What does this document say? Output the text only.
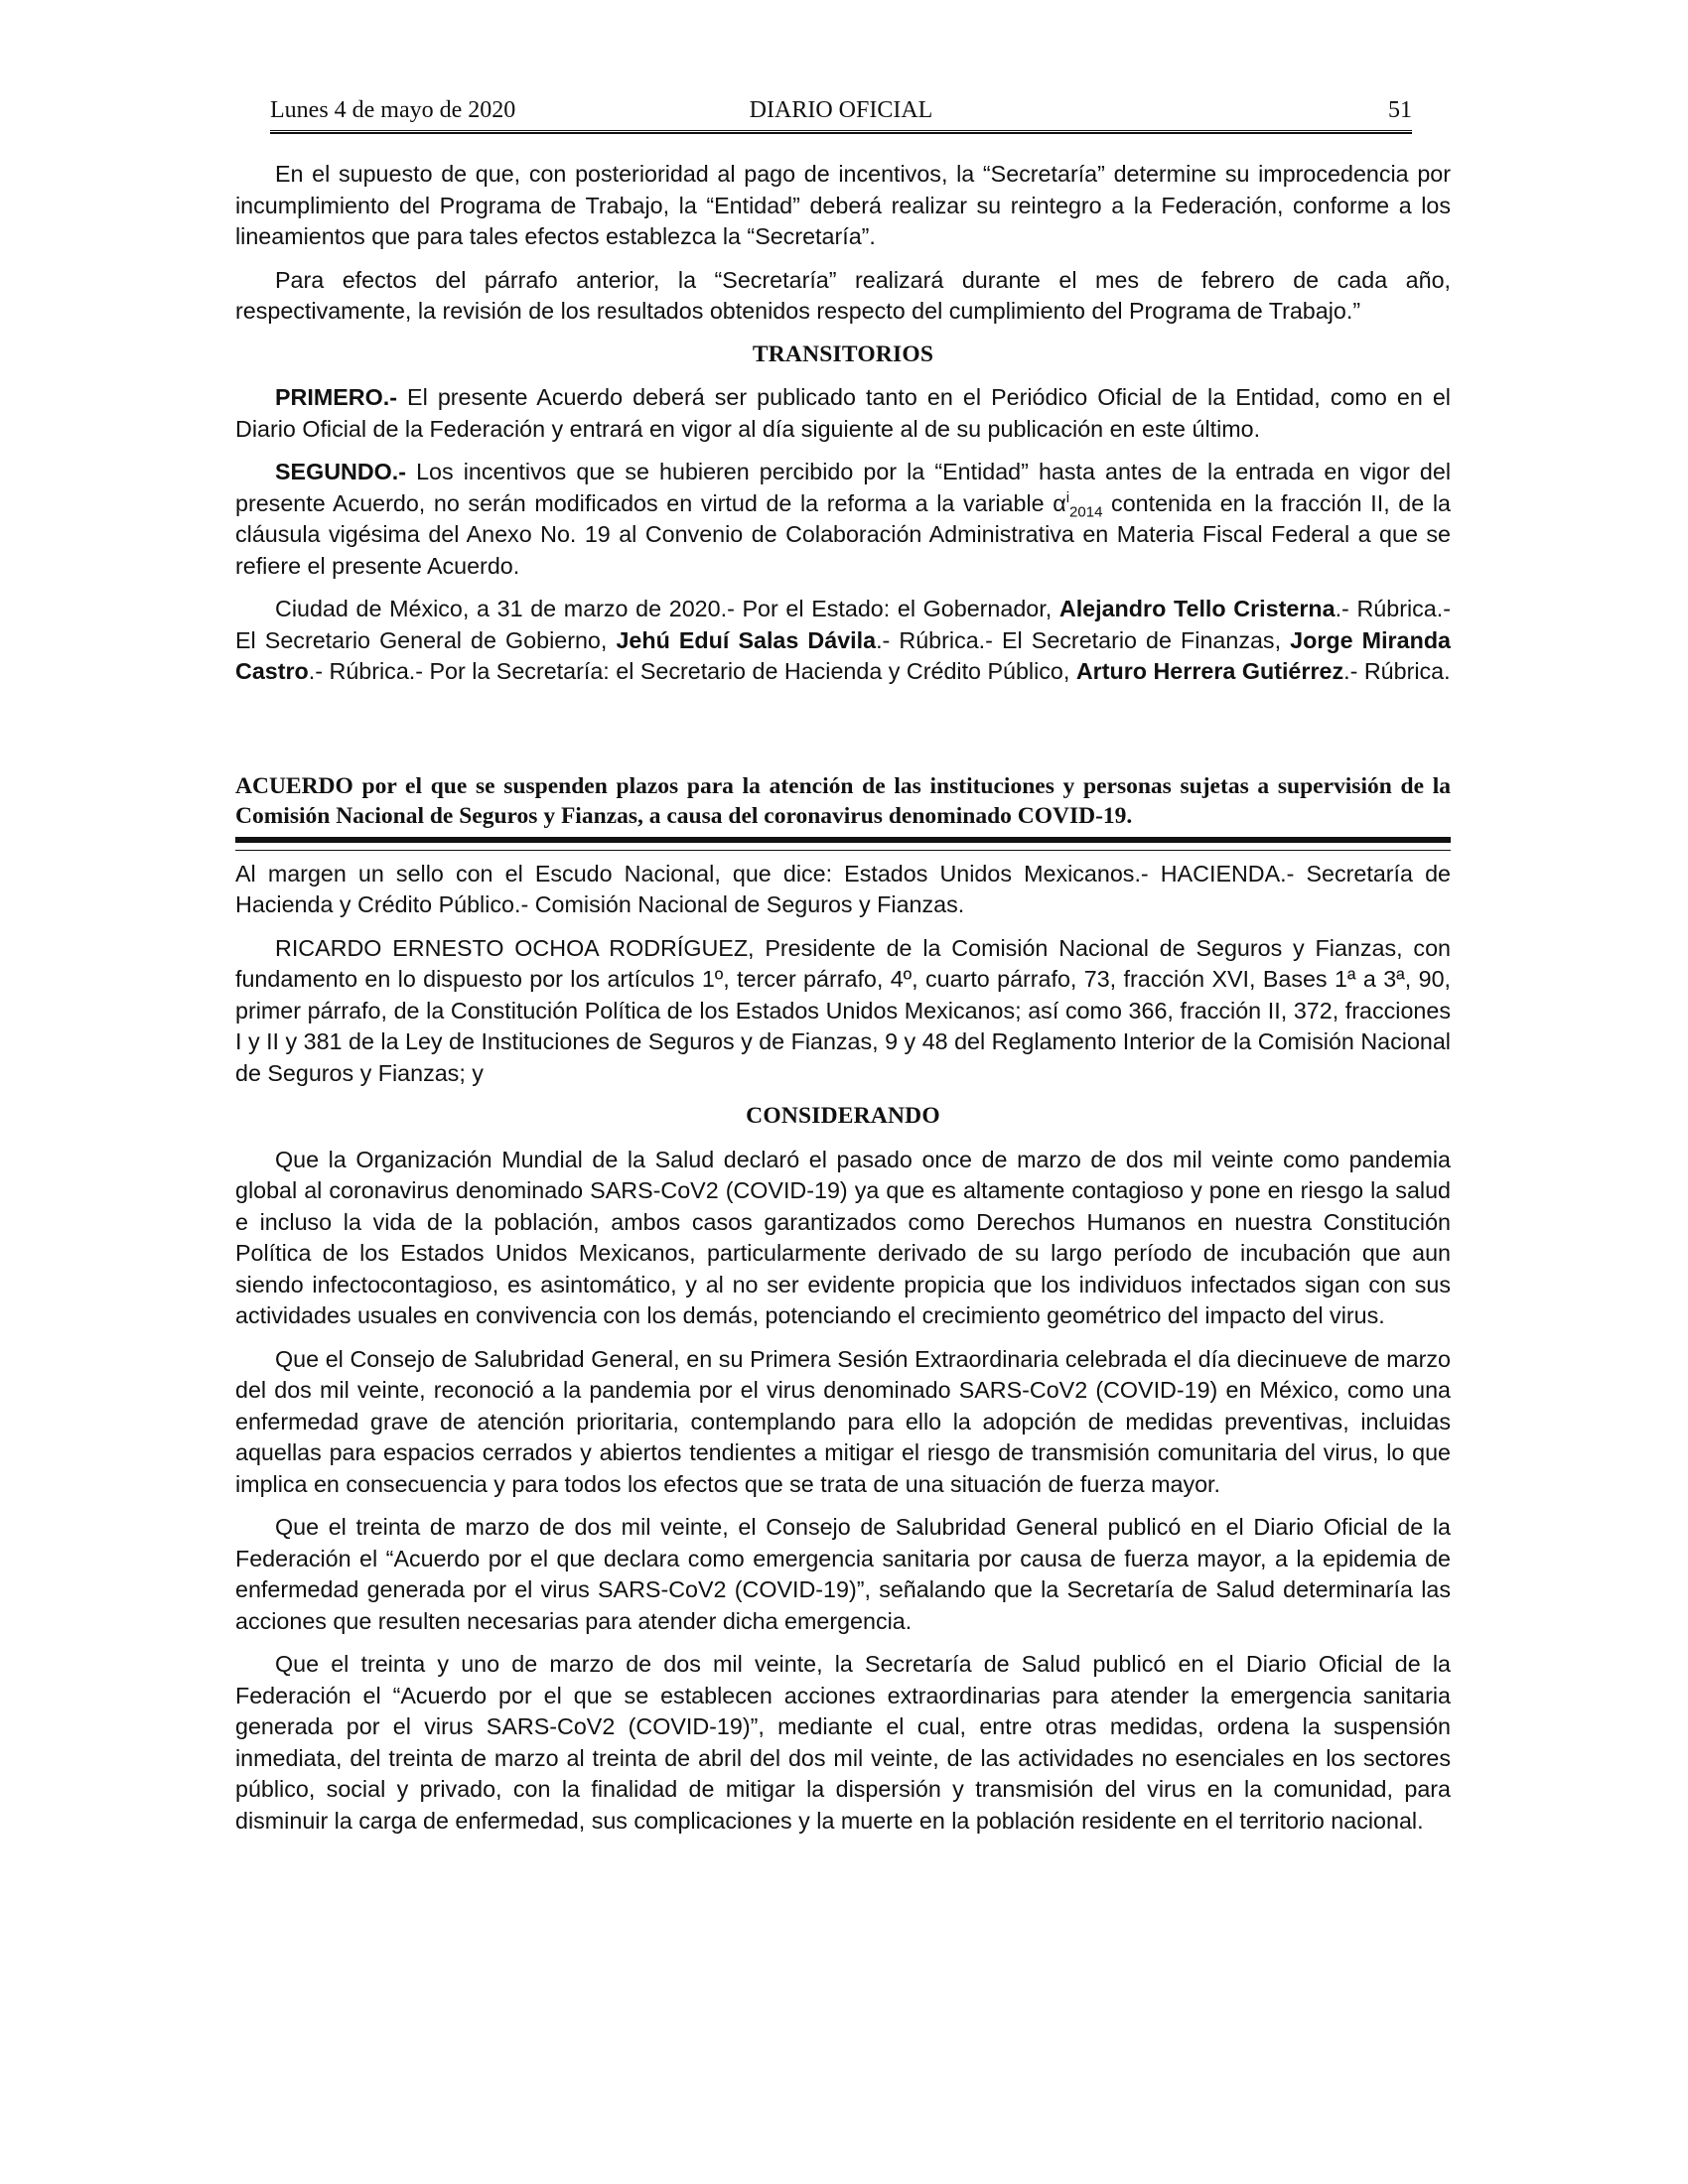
Lunes 4 de mayo de 2020	DIARIO OFICIAL	51

En el supuesto de que, con posterioridad al pago de incentivos, la “Secretaría” determine su improcedencia por incumplimiento del Programa de Trabajo, la “Entidad” deberá realizar su reintegro a la Federación, conforme a los lineamientos que para tales efectos establezca la “Secretaría”.

Para efectos del párrafo anterior, la “Secretaría” realizará durante el mes de febrero de cada año, respectivamente, la revisión de los resultados obtenidos respecto del cumplimiento del Programa de Trabajo.”

TRANSITORIOS

PRIMERO.- El presente Acuerdo deberá ser publicado tanto en el Periódico Oficial de la Entidad, como en el Diario Oficial de la Federación y entrará en vigor al día siguiente al de su publicación en este último.

SEGUNDO.- Los incentivos que se hubieren percibido por la “Entidad” hasta antes de la entrada en vigor del presente Acuerdo, no serán modificados en virtud de la reforma a la variable $\alpha^i_{2014}$ contenida en la fracción II, de la cláusula vigésima del Anexo No. 19 al Convenio de Colaboración Administrativa en Materia Fiscal Federal a que se refiere el presente Acuerdo.

Ciudad de México, a 31 de marzo de 2020.- Por el Estado: el Gobernador, Alejandro Tello Cristerna.- Rúbrica.- El Secretario General de Gobierno, Jehú Eduí Salas Dávila.- Rúbrica.- El Secretario de Finanzas, Jorge Miranda Castro.- Rúbrica.- Por la Secretaría: el Secretario de Hacienda y Crédito Público, Arturo Herrera Gutiérrez.- Rúbrica.

ACUERDO por el que se suspenden plazos para la atención de las instituciones y personas sujetas a supervisión de la Comisión Nacional de Seguros y Fianzas, a causa del coronavirus denominado COVID-19.

Al margen un sello con el Escudo Nacional, que dice: Estados Unidos Mexicanos.- HACIENDA.- Secretaría de Hacienda y Crédito Público.- Comisión Nacional de Seguros y Fianzas.

RICARDO ERNESTO OCHOA RODRÍGUEZ, Presidente de la Comisión Nacional de Seguros y Fianzas, con fundamento en lo dispuesto por los artículos 1º, tercer párrafo, 4º, cuarto párrafo, 73, fracción XVI, Bases 1ª a 3ª, 90, primer párrafo, de la Constitución Política de los Estados Unidos Mexicanos; así como 366, fracción II, 372, fracciones I y II y 381 de la Ley de Instituciones de Seguros y de Fianzas, 9 y 48 del Reglamento Interior de la Comisión Nacional de Seguros y Fianzas; y

CONSIDERANDO

Que la Organización Mundial de la Salud declaró el pasado once de marzo de dos mil veinte como pandemia global al coronavirus denominado SARS-CoV2 (COVID-19) ya que es altamente contagioso y pone en riesgo la salud e incluso la vida de la población, ambos casos garantizados como Derechos Humanos en nuestra Constitución Política de los Estados Unidos Mexicanos, particularmente derivado de su largo período de incubación que aun siendo infectocontagioso, es asintomático, y al no ser evidente propicia que los individuos infectados sigan con sus actividades usuales en convivencia con los demás, potenciando el crecimiento geométrico del impacto del virus.

Que el Consejo de Salubridad General, en su Primera Sesión Extraordinaria celebrada el día diecinueve de marzo del dos mil veinte, reconoció a la pandemia por el virus denominado SARS-CoV2 (COVID-19) en México, como una enfermedad grave de atención prioritaria, contemplando para ello la adopción de medidas preventivas, incluidas aquellas para espacios cerrados y abiertos tendientes a mitigar el riesgo de transmisión comunitaria del virus, lo que implica en consecuencia y para todos los efectos que se trata de una situación de fuerza mayor.

Que el treinta de marzo de dos mil veinte, el Consejo de Salubridad General publicó en el Diario Oficial de la Federación el “Acuerdo por el que declara como emergencia sanitaria por causa de fuerza mayor, a la epidemia de enfermedad generada por el virus SARS-CoV2 (COVID-19)”, señalando que la Secretaría de Salud determinaría las acciones que resulten necesarias para atender dicha emergencia.

Que el treinta y uno de marzo de dos mil veinte, la Secretaría de Salud publicó en el Diario Oficial de la Federación el “Acuerdo por el que se establecen acciones extraordinarias para atender la emergencia sanitaria generada por el virus SARS-CoV2 (COVID-19)”, mediante el cual, entre otras medidas, ordena la suspensión inmediata, del treinta de marzo al treinta de abril del dos mil veinte, de las actividades no esenciales en los sectores público, social y privado, con la finalidad de mitigar la dispersión y transmisión del virus en la comunidad, para disminuir la carga de enfermedad, sus complicaciones y la muerte en la población residente en el territorio nacional.
